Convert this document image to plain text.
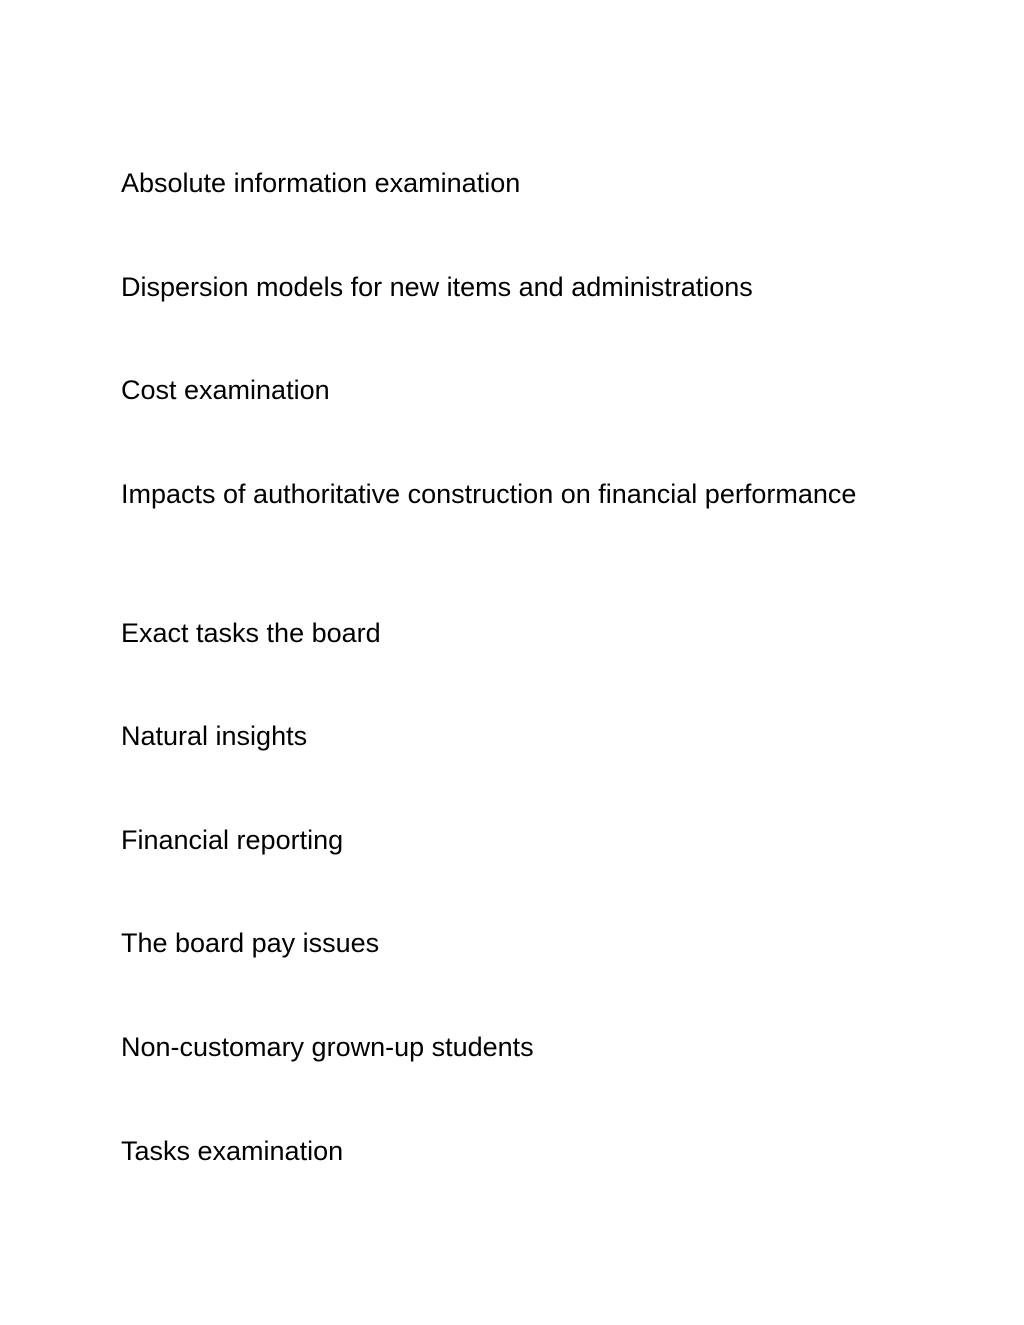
Absolute information examination

Dispersion models for new items and administrations

Cost examination

Impacts of authoritative construction on financial performance

Exact tasks the board

Natural insights

Financial reporting

The board pay issues

Non-customary grown-up students

Tasks examination
